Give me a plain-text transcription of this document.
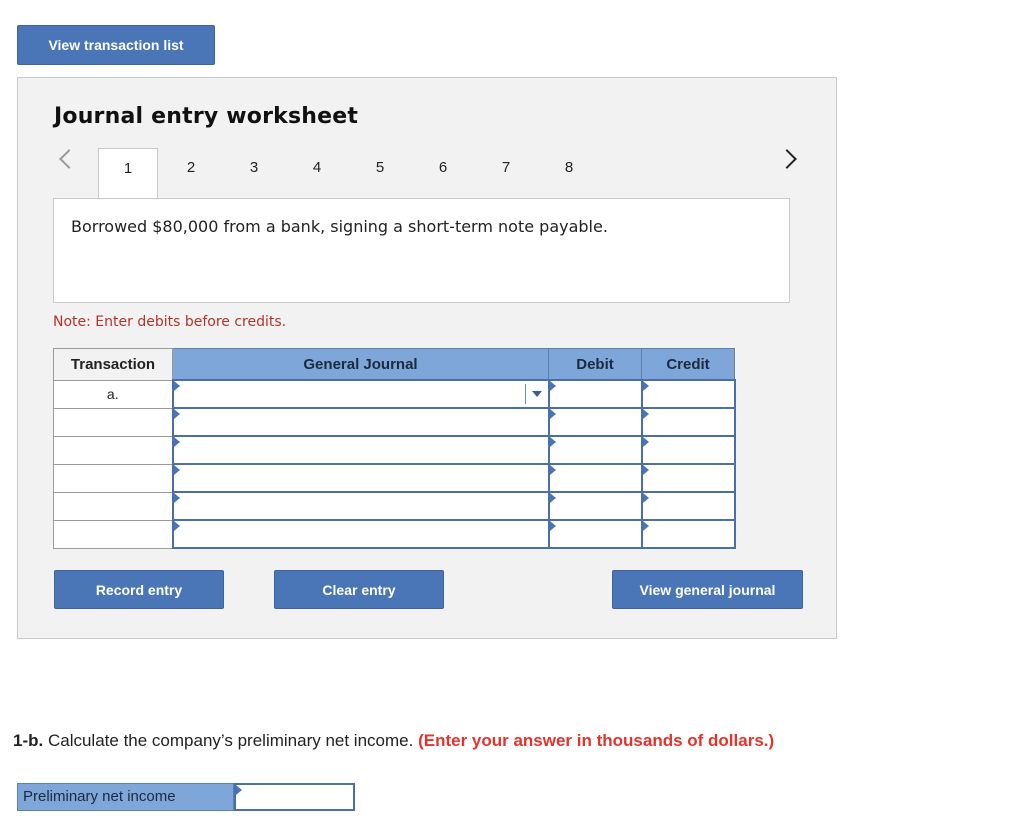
View transaction list
Journal entry worksheet
1	2	3	4	5	6	7	8
Borrowed $80,000 from a bank, signing a short-term note payable.
Note: Enter debits before credits.
Transaction	General Journal	Debit	Credit
a.	

Record entry	Clear entry	View general journal
1-b. Calculate the company’s preliminary net income. (Enter your answer in thousands of dollars.)
Preliminary net income
